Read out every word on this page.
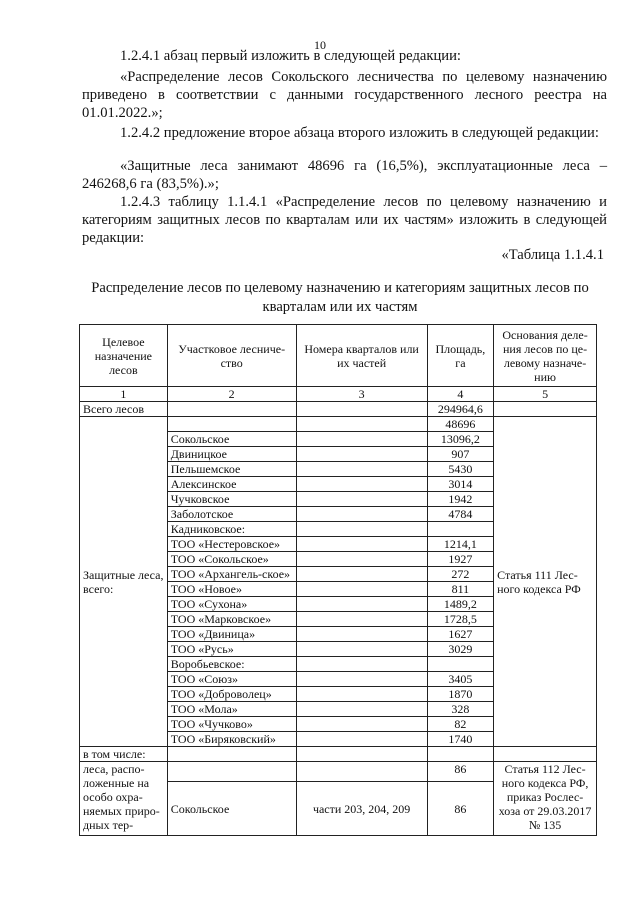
10
1.2.4.1 абзац первый изложить в следующей редакции:
«Распределение лесов Сокольского лесничества по целевому назначению приведено в соответствии с данными государственного лесного реестра на 01.01.2022.»;
1.2.4.2 предложение второе абзаца второго изложить в следующей редакции:
«Защитные леса занимают 48696 га (16,5%), эксплуатационные леса – 246268,6 га (83,5%).»;
1.2.4.3 таблицу 1.1.4.1 «Распределение лесов по целевому назначению и категориям защитных лесов по кварталам или их частям» изложить в следующей редакции:
«Таблица 1.1.4.1
Распределение лесов по целевому назначению и категориям защитных лесов по кварталам или их частям
Целевое назначение лесов	Участковое лесниче-ство	Номера кварталов или их частей	Площадь, га	Основания деле-ния лесов по це-левому назначе-нию
1	2	3	4	5
Всего лесов			294964,6	
Защитные леса, всего:			48696	Статья 111 Лес-ного кодекса РФ
	Сокольское		13096,2	
	Двиницкое		907	
	Пельшемское		5430	
	Алексинское		3014	
	Чучковское		1942	
	Заболотское		4784	
	Кадниковское:			
	ТОО «Нестеровское»		1214,1	
	ТОО «Сокольское»		1927	
	ТОО «Архангель-ское»		272	
	ТОО «Новое»		811	
	ТОО «Сухона»		1489,2	
	ТОО «Марковское»		1728,5	
	ТОО «Двиница»		1627	
	ТОО «Русь»		3029	
	Воробьевское:			
	ТОО «Союз»		3405	
	ТОО «Доброволец»		1870	
	ТОО «Мола»		328	
	ТОО «Чучково»		82	
	ТОО «Биряковский»		1740	
в том числе:				
леса, распо-ложенные на особо охра-няемых приро-дных тер-			86	Статья 112 Лес-ного кодекса РФ, приказ Рослес-хоза от 29.03.2017 № 135
	Сокольское	части 203, 204, 209	86	
